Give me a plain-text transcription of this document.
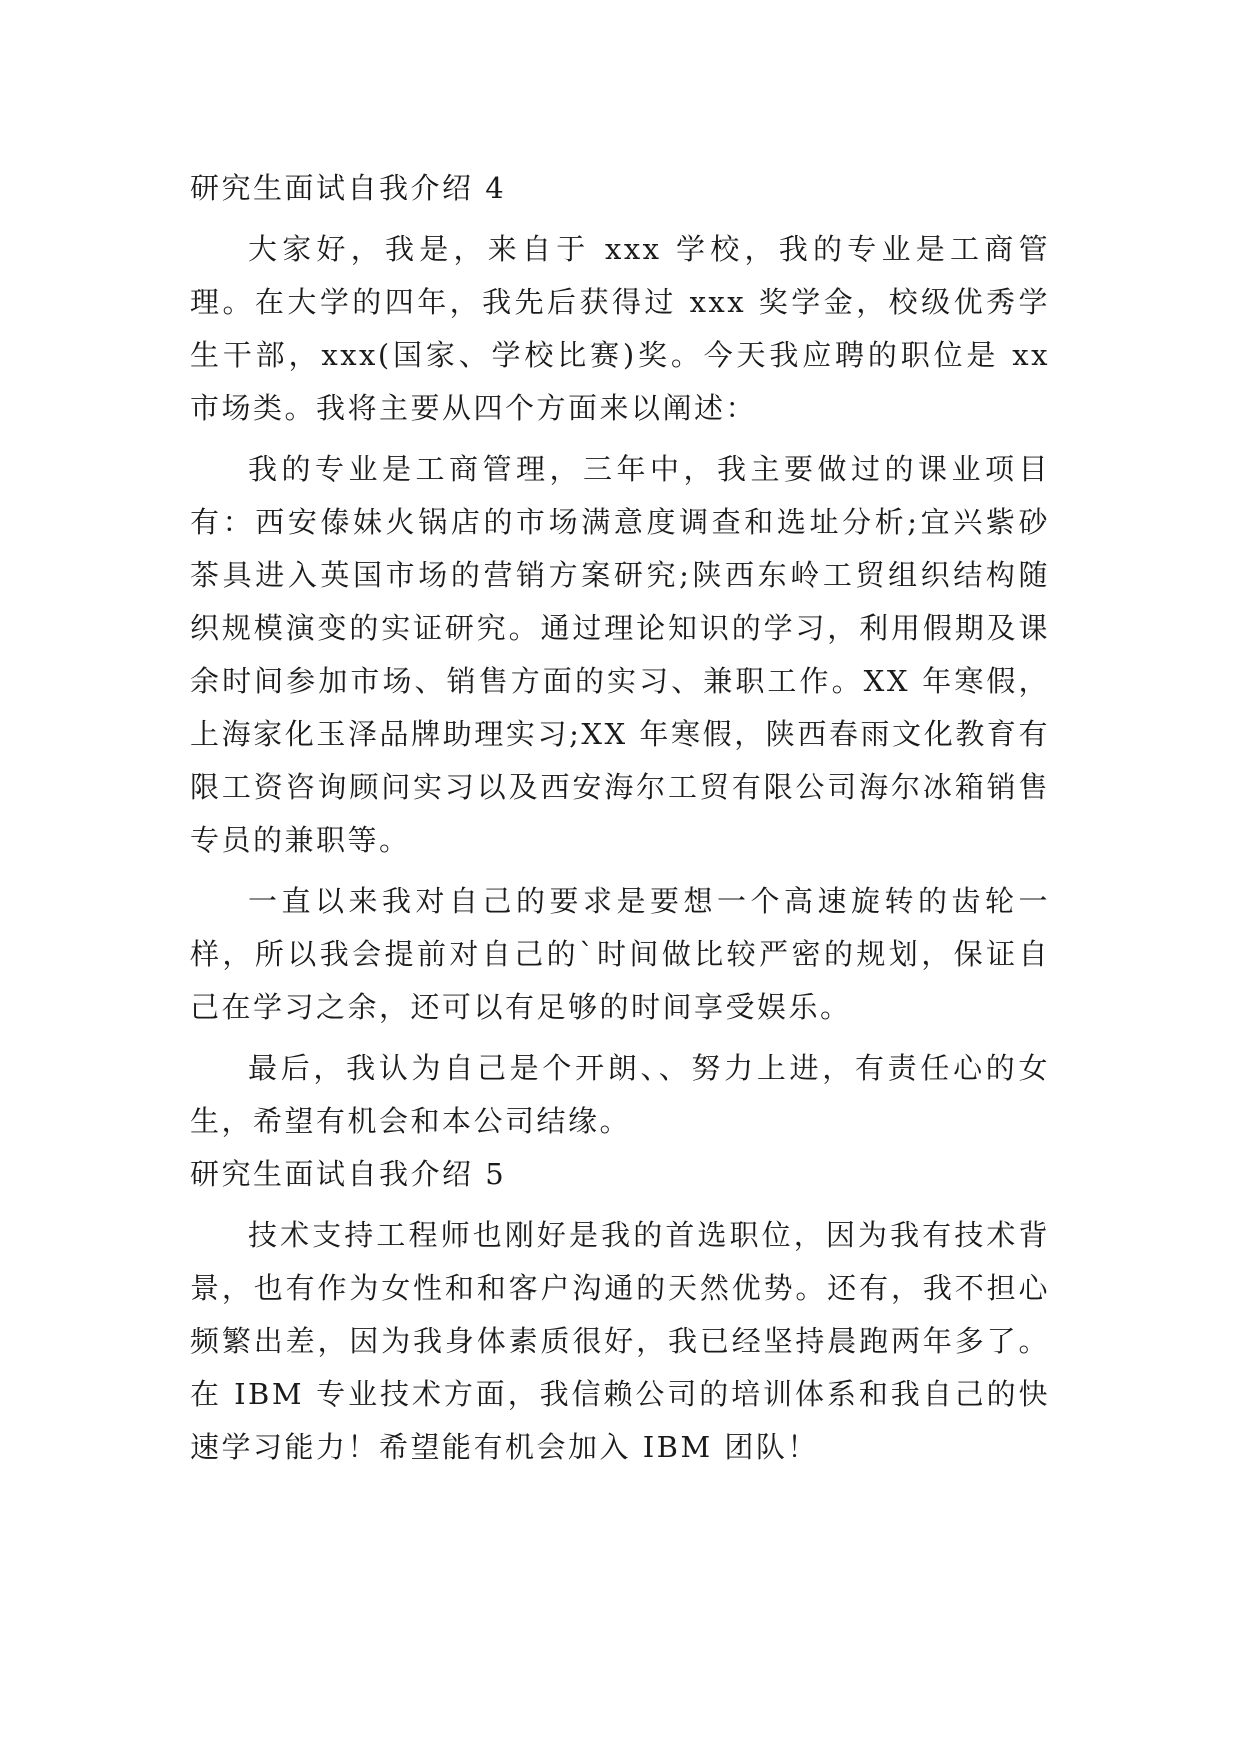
研究生面试自我介绍 4

大家好，我是，来自于 xxx 学校，我的专业是工商管理。在大学的四年，我先后获得过 xxx 奖学金，校级优秀学生干部，xxx(国家、学校比赛)奖。今天我应聘的职位是 xx 市场类。我将主要从四个方面来以阐述：

我的专业是工商管理，三年中，我主要做过的课业项目有：西安傣妹火锅店的市场满意度调查和选址分析;宜兴紫砂茶具进入英国市场的营销方案研究;陕西东岭工贸组织结构随织规模演变的实证研究。通过理论知识的学习，利用假期及课余时间参加市场、销售方面的实习、兼职工作。XX 年寒假，上海家化玉泽品牌助理实习;XX 年寒假，陕西春雨文化教育有限工资咨询顾问实习以及西安海尔工贸有限公司海尔冰箱销售专员的兼职等。

一直以来我对自己的要求是要想一个高速旋转的齿轮一样，所以我会提前对自己的`时间做比较严密的规划，保证自己在学习之余，还可以有足够的时间享受娱乐。

最后，我认为自己是个开朗、、努力上进，有责任心的女生，希望有机会和本公司结缘。

研究生面试自我介绍 5

技术支持工程师也刚好是我的首选职位，因为我有技术背景，也有作为女性和和客户沟通的天然优势。还有，我不担心频繁出差，因为我身体素质很好，我已经坚持晨跑两年多了。在 IBM 专业技术方面，我信赖公司的培训体系和我自己的快速学习能力！希望能有机会加入 IBM 团队！
